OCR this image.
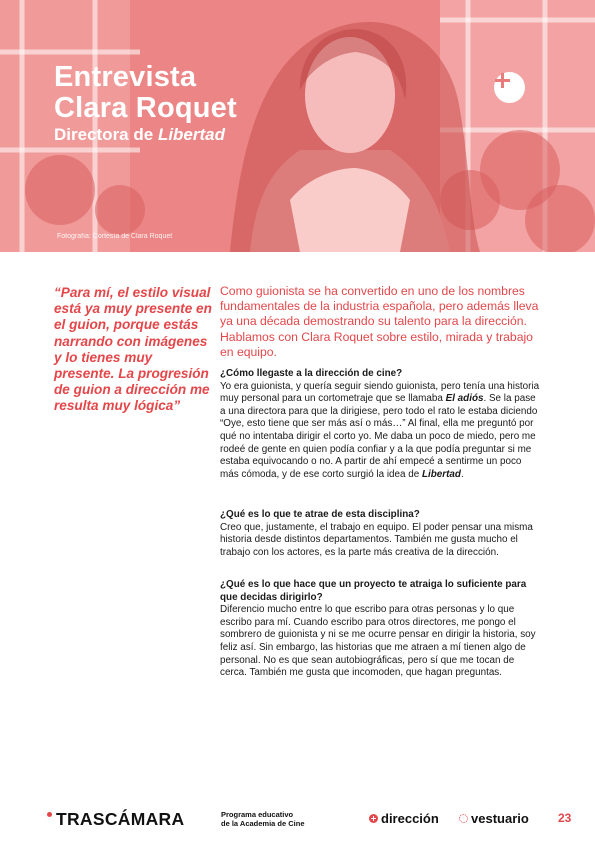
Entrevista
Clara Roquet
Directora de Libertad
Fotografía: Cortesía de Clara Roquet
“Para mí, el estilo visual está ya muy presente en el guion, porque estás narrando con imágenes y lo tienes muy presente. La progresión de guion a dirección me resulta muy lógica”
Como guionista se ha convertido en uno de los nombres fundamentales de la industria española, pero además lleva ya una década demostrando su talento para la dirección. Hablamos con Clara Roquet sobre estilo, mirada y trabajo en equipo.
¿Cómo llegaste a la dirección de cine?
Yo era guionista, y quería seguir siendo guionista, pero tenía una historia muy personal para un cortometraje que se llamaba El adiós. Se la pase a una directora para que la dirigiese, pero todo el rato le estaba diciendo “Oye, esto tiene que ser más así o más…” Al final, ella me preguntó por qué no intentaba dirigir el corto yo. Me daba un poco de miedo, pero me rodeé de gente en quien podía confiar y a la que podía preguntar si me estaba equivocando o no. A partir de ahí empecé a sentirme un poco más cómoda, y de ese corto surgió la idea de Libertad.
¿Qué es lo que te atrae de esta disciplina?
Creo que, justamente, el trabajo en equipo. El poder pensar una misma historia desde distintos departamentos. También me gusta mucho el trabajo con los actores, es la parte más creativa de la dirección.
¿Qué es lo que hace que un proyecto te atraiga lo suficiente para que decidas dirigirlo?
Diferencio mucho entre lo que escribo para otras personas y lo que escribo para mí. Cuando escribo para otros directores, me pongo el sombrero de guionista y ni se me ocurre pensar en dirigir la historia, soy feliz así. Sin embargo, las historias que me atraen a mí tienen algo de personal. No es que sean autobiográficas, pero sí que me tocan de cerca. También me gusta que incomoden, que hagan preguntas.
TRASCÁMARA	Programa educativo
de la Academia de Cine	dirección vestuario 23
